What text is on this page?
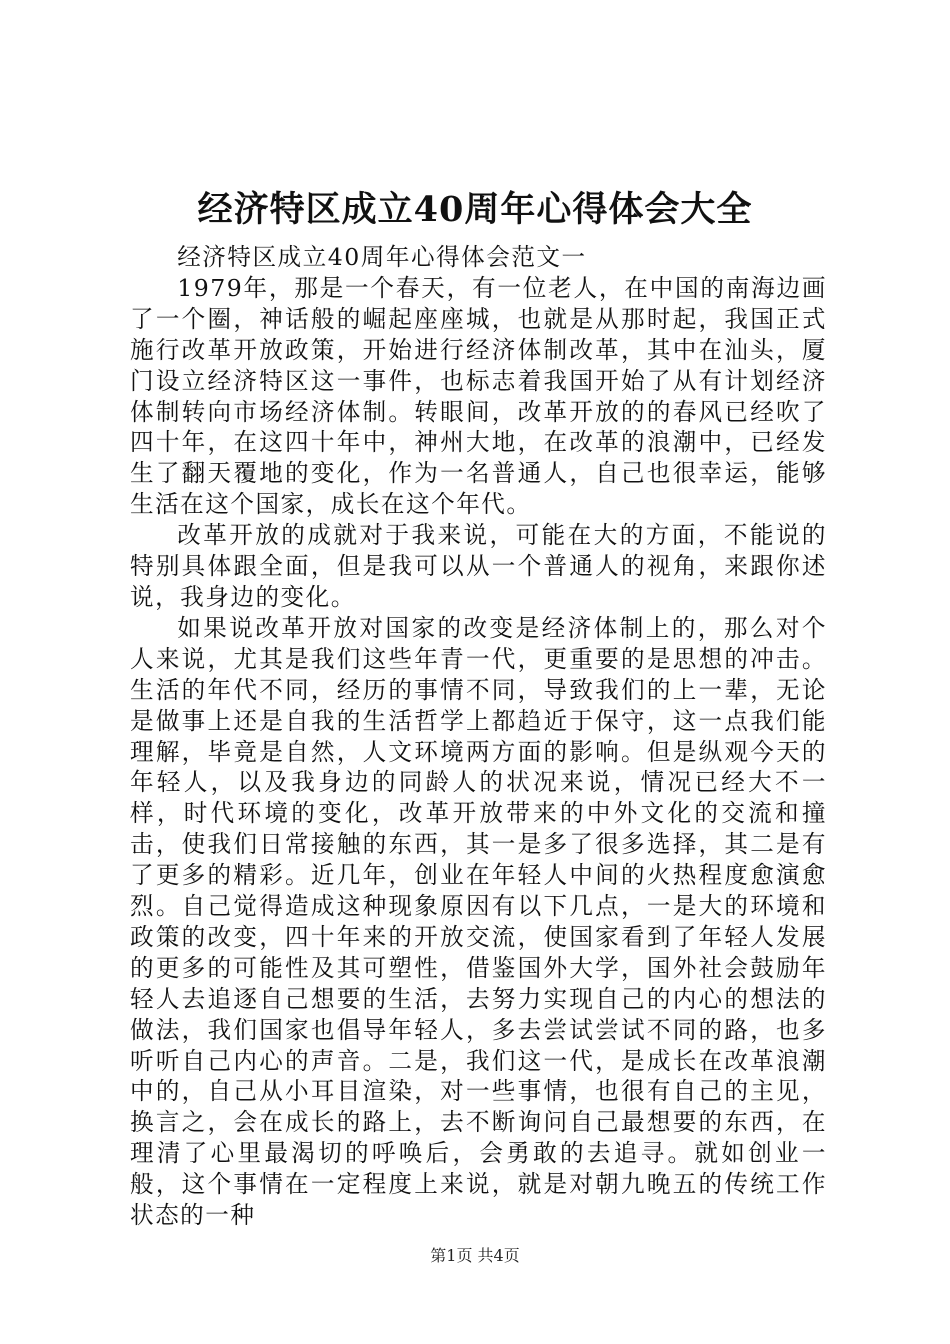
经济特区成立40周年心得体会大全

经济特区成立40周年心得体会范文一

1979年，那是一个春天，有一位老人，在中国的南海边画了一个圈，神话般的崛起座座城，也就是从那时起，我国正式施行改革开放政策，开始进行经济体制改革，其中在汕头，厦门设立经济特区这一事件，也标志着我国开始了从有计划经济体制转向市场经济体制。转眼间，改革开放的的春风已经吹了四十年，在这四十年中，神州大地，在改革的浪潮中，已经发生了翻天覆地的变化，作为一名普通人，自己也很幸运，能够生活在这个国家，成长在这个年代。

改革开放的成就对于我来说，可能在大的方面，不能说的特别具体跟全面，但是我可以从一个普通人的视角，来跟你述说，我身边的变化。

如果说改革开放对国家的改变是经济体制上的，那么对个人来说，尤其是我们这些年青一代，更重要的是思想的冲击。生活的年代不同，经历的事情不同，导致我们的上一辈，无论是做事上还是自我的生活哲学上都趋近于保守，这一点我们能理解，毕竟是自然，人文环境两方面的影响。但是纵观今天的年轻人，以及我身边的同龄人的状况来说，情况已经大不一样，时代环境的变化，改革开放带来的中外文化的交流和撞击，使我们日常接触的东西，其一是多了很多选择，其二是有了更多的精彩。近几年，创业在年轻人中间的火热程度愈演愈烈。自己觉得造成这种现象原因有以下几点，一是大的环境和政策的改变，四十年来的开放交流，使国家看到了年轻人发展的更多的可能性及其可塑性，借鉴国外大学，国外社会鼓励年轻人去追逐自己想要的生活，去努力实现自己的内心的想法的做法，我们国家也倡导年轻人，多去尝试尝试不同的路，也多听听自己内心的声音。二是，我们这一代，是成长在改革浪潮中的，自己从小耳目渲染，对一些事情，也很有自己的主见，换言之，会在成长的路上，去不断询问自己最想要的东西，在理清了心里最渴切的呼唤后，会勇敢的去追寻。就如创业一般，这个事情在一定程度上来说，就是对朝九晚五的传统工作状态的一种

第1页 共4页
